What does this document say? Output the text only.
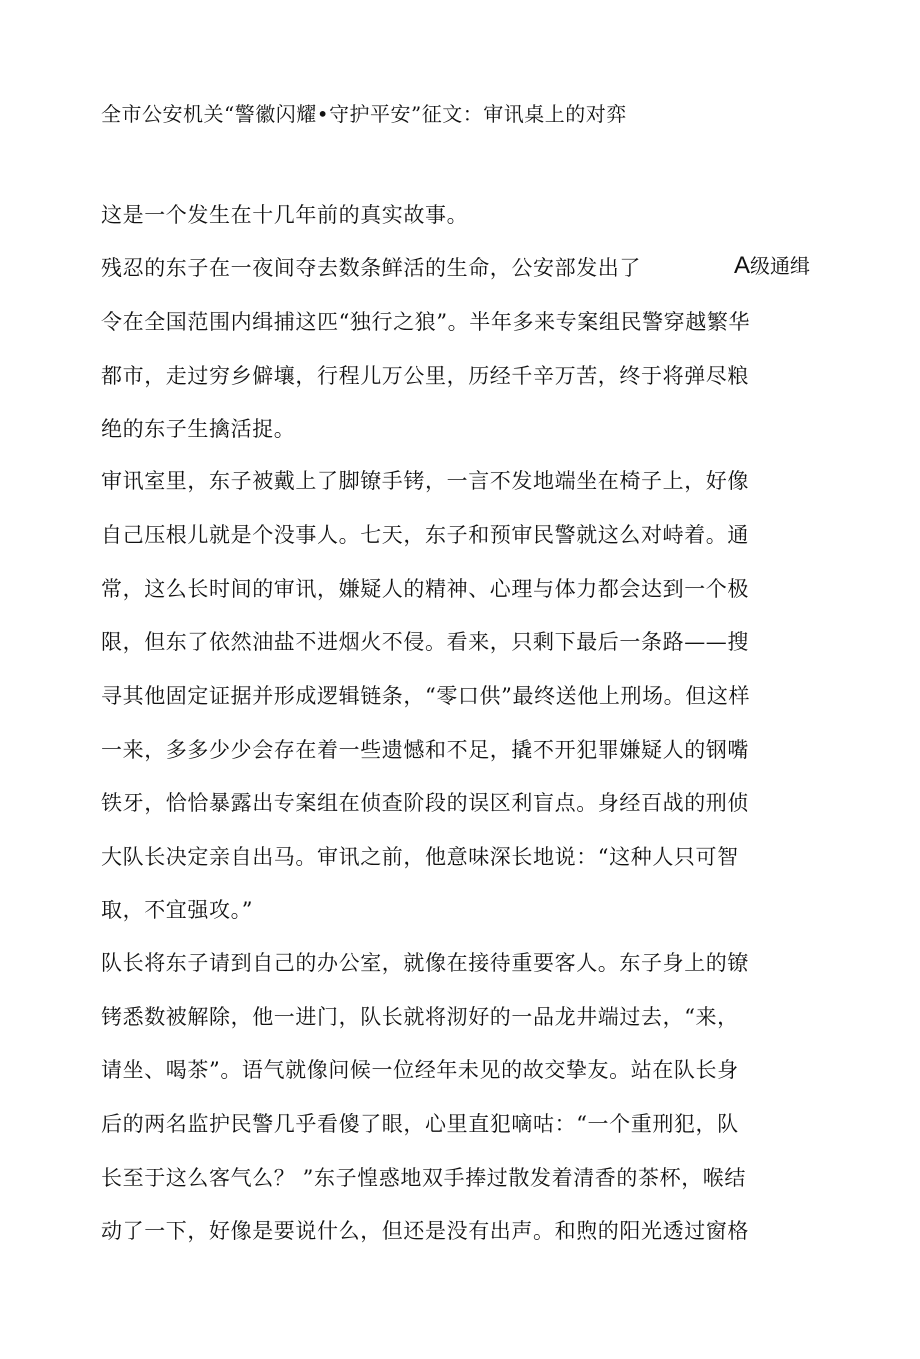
全市公安机关“警徽闪耀•守护平安”征文：审讯桌上的对弈
这是一个发生在十几年前的真实故事。
残忍的东子在一夜间夺去数条鲜活的生命，公安部发出了	A级通缉
令在全国范围内缉捕这匹“独行之狼”。半年多来专案组民警穿越繁华
都市，走过穷乡僻壤，行程儿万公里，历经千辛万苦，终于将弹尽粮
绝的东子生擒活捉。
审讯室里，东子被戴上了脚镣手铐，一言不发地端坐在椅子上，好像
自己压根儿就是个没事人。七天，东子和预审民警就这么对峙着。通
常，这么长时间的审讯，嫌疑人的精神、心理与体力都会达到一个极
限，但东了依然油盐不进烟火不侵。看来，只剩下最后一条路——搜
寻其他固定证据并形成逻辑链条，“零口供”最终送他上刑场。但这样
一来，多多少少会存在着一些遗憾和不足，撬不开犯罪嫌疑人的钢嘴
铁牙，恰恰暴露出专案组在侦查阶段的误区利盲点。身经百战的刑侦
大队长决定亲自出马。审讯之前，他意味深长地说：“这种人只可智
取，不宜强攻。”
队长将东子请到自己的办公室，就像在接待重要客人。东子身上的镣
铐悉数被解除，他一进门，队长就将沏好的一品龙井端过去，“来，
请坐、喝茶”。语气就像问候一位经年未见的故交挚友。站在队长身
后的两名监护民警几乎看傻了眼，心里直犯嘀咕：“一个重刑犯，队
长至于这么客气么？ ”东子惶惑地双手捧过散发着清香的茶杯，喉结
动了一下，好像是要说什么，但还是没有出声。和煦的阳光透过窗格
